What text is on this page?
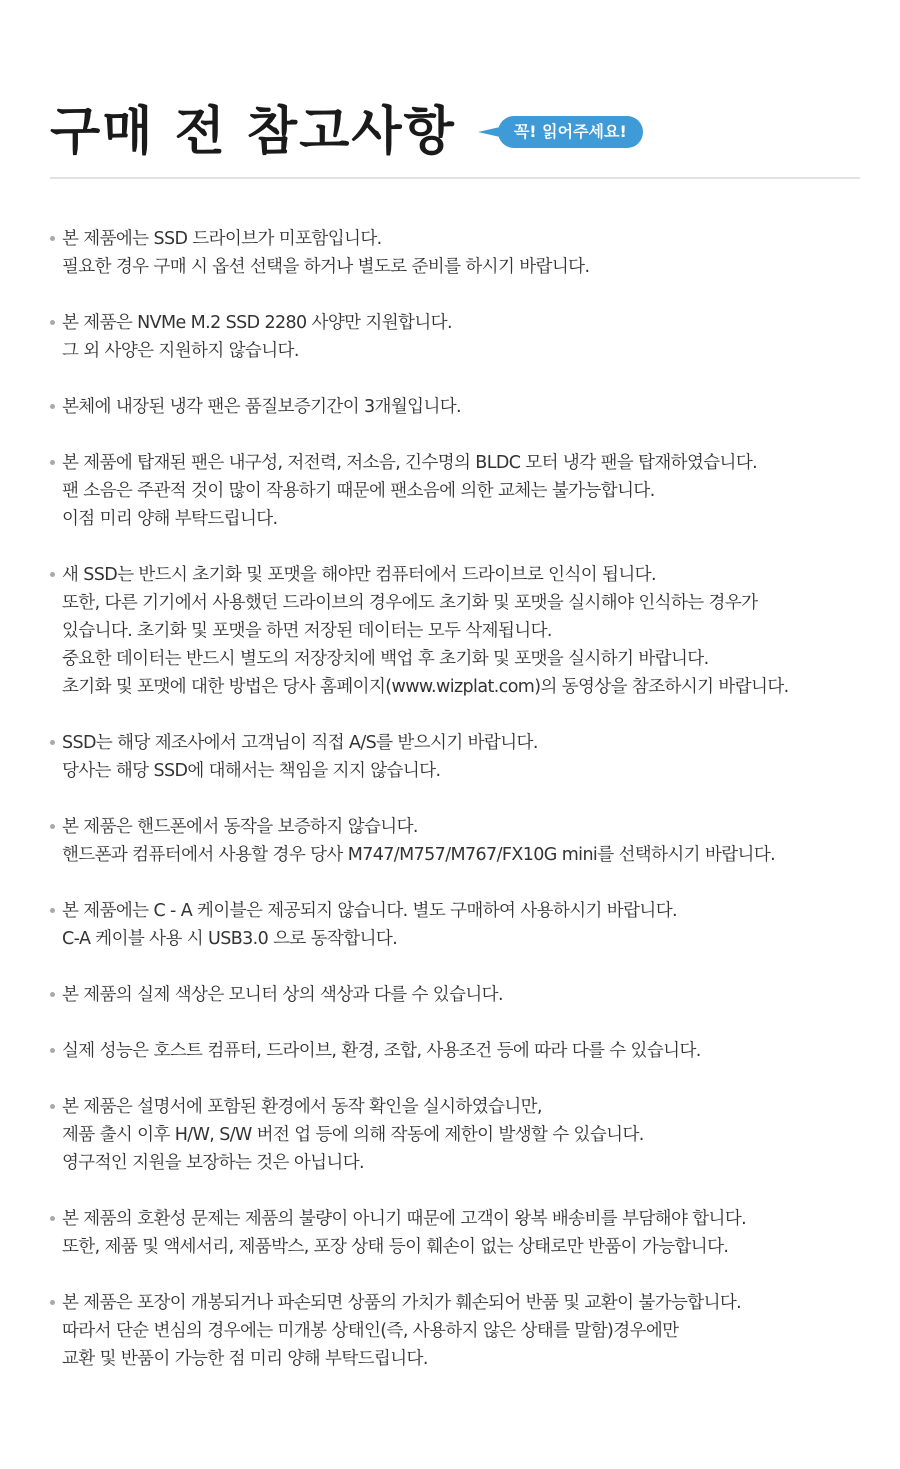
구매 전 참고사항	꼭! 읽어주세요!
본 제품에는 SSD 드라이브가 미포함입니다.
필요한 경우 구매 시 옵션 선택을 하거나 별도로 준비를 하시기 바랍니다.
본 제품은 NVMe M.2 SSD 2280 사양만 지원합니다.
그 외 사양은 지원하지 않습니다.
본체에 내장된 냉각 팬은 품질보증기간이 3개월입니다.
본 제품에 탑재된 팬은 내구성, 저전력, 저소음, 긴수명의 BLDC 모터 냉각 팬을 탑재하였습니다.
팬 소음은 주관적 것이 많이 작용하기 때문에 팬소음에 의한 교체는 불가능합니다.
이점 미리 양해 부탁드립니다.
새 SSD는 반드시 초기화 및 포맷을 해야만 컴퓨터에서 드라이브로 인식이 됩니다.
또한, 다른 기기에서 사용했던 드라이브의 경우에도 초기화 및 포맷을 실시해야 인식하는 경우가
있습니다. 초기화 및 포맷을 하면 저장된 데이터는 모두 삭제됩니다.
중요한 데이터는 반드시 별도의 저장장치에 백업 후 초기화 및 포맷을 실시하기 바랍니다.
초기화 및 포맷에 대한 방법은 당사 홈페이지(www.wizplat.com)의 동영상을 참조하시기 바랍니다.
SSD는 해당 제조사에서 고객님이 직접 A/S를 받으시기 바랍니다.
당사는 해당 SSD에 대해서는 책임을 지지 않습니다.
본 제품은 핸드폰에서 동작을 보증하지 않습니다.
핸드폰과 컴퓨터에서 사용할 경우 당사 M747/M757/M767/FX10G mini를 선택하시기 바랍니다.
본 제품에는 C - A 케이블은 제공되지 않습니다. 별도 구매하여 사용하시기 바랍니다.
C-A 케이블 사용 시 USB3.0 으로 동작합니다.
본 제품의 실제 색상은 모니터 상의 색상과 다를 수 있습니다.
실제 성능은 호스트 컴퓨터, 드라이브, 환경, 조합, 사용조건 등에 따라 다를 수 있습니다.
본 제품은 설명서에 포함된 환경에서 동작 확인을 실시하였습니만,
제품 출시 이후 H/W, S/W 버전 업 등에 의해 작동에 제한이 발생할 수 있습니다.
영구적인 지원을 보장하는 것은 아닙니다.
본 제품의 호환성 문제는 제품의 불량이 아니기 때문에 고객이 왕복 배송비를 부담해야 합니다.
또한, 제품 및 액세서리, 제품박스, 포장 상태 등이 훼손이 없는 상태로만 반품이 가능합니다.
본 제품은 포장이 개봉되거나 파손되면 상품의 가치가 훼손되어 반품 및 교환이 불가능합니다.
따라서 단순 변심의 경우에는 미개봉 상태인(즉, 사용하지 않은 상태를 말함)경우에만
교환 및 반품이 가능한 점 미리 양해 부탁드립니다.
